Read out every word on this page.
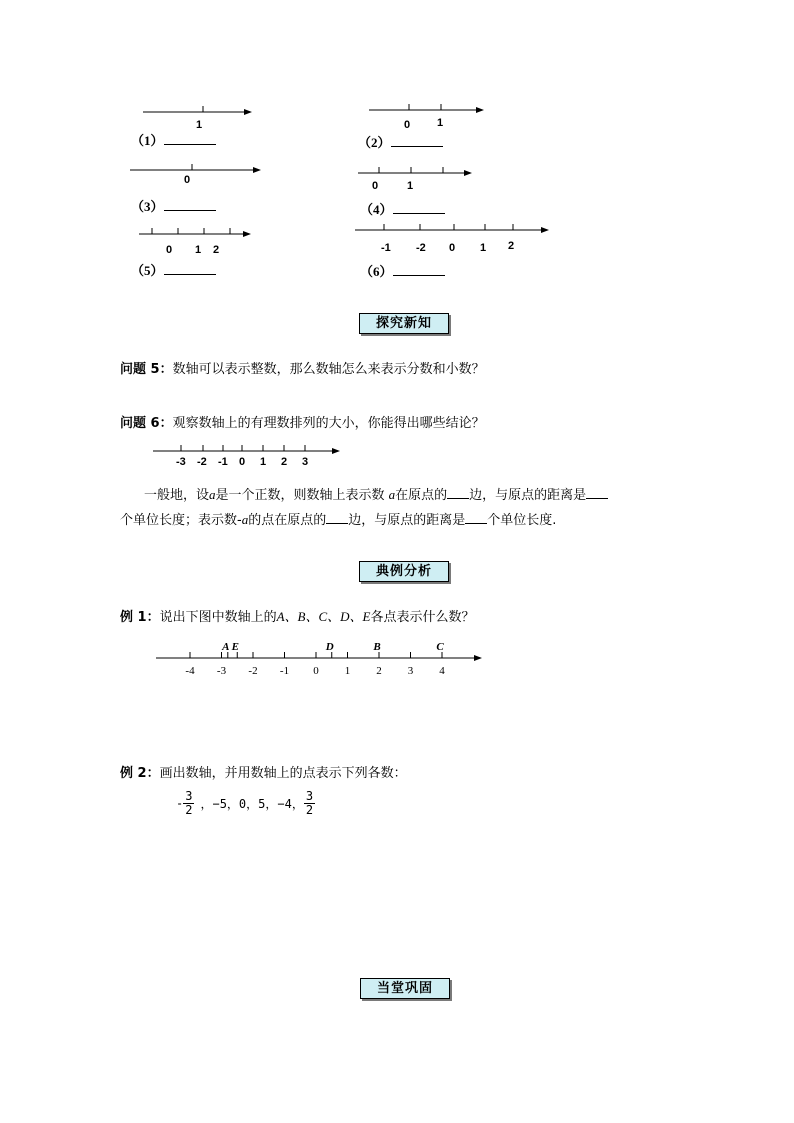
1
（1）
0 1
（2）
0
（3）
0	1
（4）
0 1 2
（5）
-1 -2 0 1 2
（6）
探究新知
问题 5：数轴可以表示整数，那么数轴怎么来表示分数和小数？
问题 6：观察数轴上的有理数排列的大小，你能得出哪些结论？
-3 -2 -1 0 1 2 3
一般地，设a是一个正数，则数轴上表示数 a在原点的 边，与原点的距离是
个单位长度；表示数-a的点在原点的 边，与原点的距离是 个单位长度.
典例分析
例 1：说出下图中数轴上的A、B、C、D、E各点表示什么数？
-4 -3 -2 -1 0 1 2 3 4
A E	D	B	C
例 2：画出数轴，并用数轴上的点表示下列各数：
- $\frac{3}{2}$ ，−5，0，5，−4， $\frac{3}{2}$
当堂巩固
